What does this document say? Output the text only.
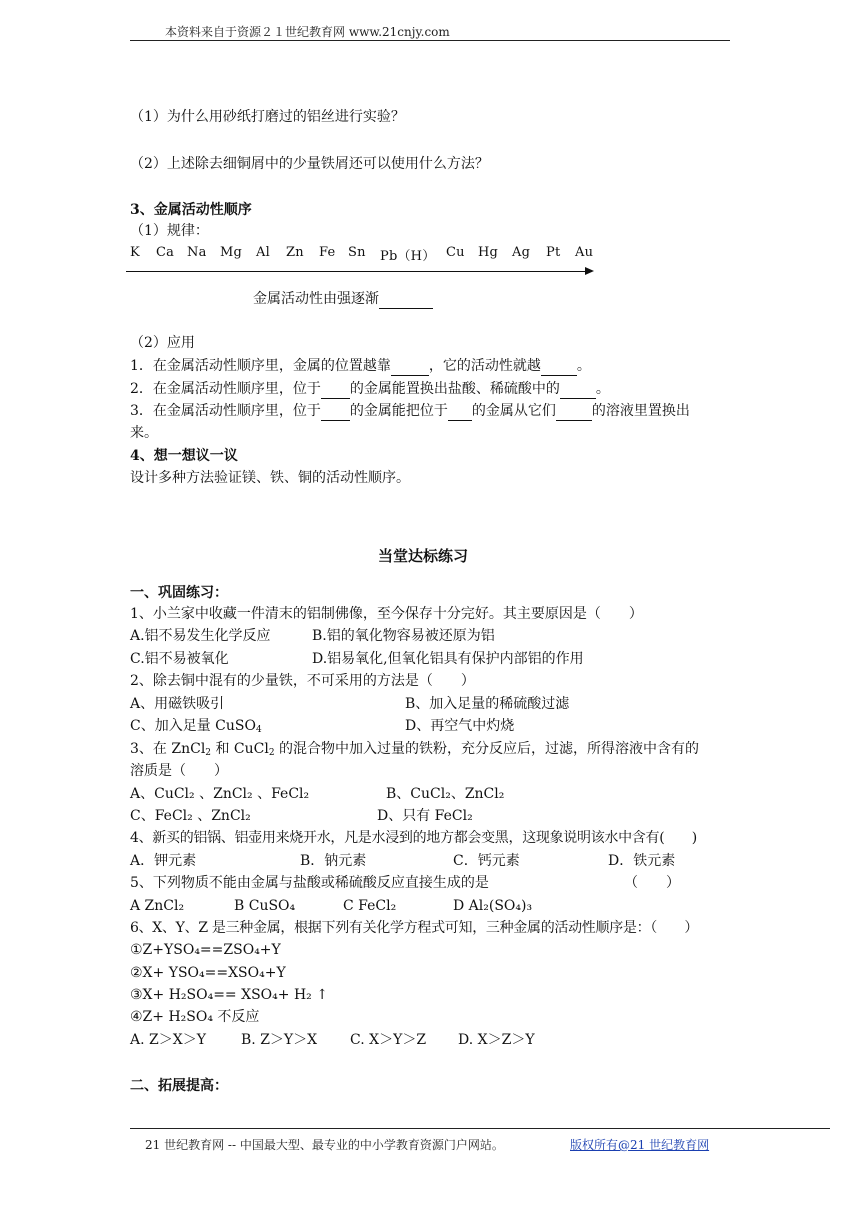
本资料来自于资源２１世纪教育网 www.21cnjy.com
（1）为什么用砂纸打磨过的铝丝进行实验？
（2）上述除去细铜屑中的少量铁屑还可以使用什么方法？
3、金属活动性顺序
（1）规律：
K Ca Na Mg Al Zn Fe Sn Pb（H） Cu Hg Ag Pt Au
金属活动性由强逐渐
（2）应用
1．在金属活动性顺序里，金属的位置越靠	，它的活动性就越	。
2．在金属活动性顺序里，位于 的金属能置换出盐酸、稀硫酸中的	。
3．在金属活动性顺序里，位于 的金属能把位于 的金属从它们	的溶液里置换出
来。
4、想一想议一议
设计多种方法验证镁、铁、铜的活动性顺序。
当堂达标练习
一、巩固练习：
1、小兰家中收藏一件清末的铝制佛像，至今保存十分完好。其主要原因是（　　）
A.铝不易发生化学反应	B.铝的氧化物容易被还原为铝
C.铝不易被氧化	D.铝易氧化,但氧化铝具有保护内部铝的作用
2、除去铜中混有的少量铁，不可采用的方法是（　　）
A、用磁铁吸引	B、加入足量的稀硫酸过滤
C、加入足量 CuSO$_4$	D、再空气中灼烧
3、在 ZnCl$_2$ 和 CuCl$_2$ 的混合物中加入过量的铁粉，充分反应后，过滤，所得溶液中含有的
溶质是（　　）
A、CuCl₂ 、ZnCl₂ 、FeCl₂	B、CuCl₂、ZnCl₂
C、FeCl₂ 、ZnCl₂	D、只有 FeCl₂
4、新买的铝锅、铝壶用来烧开水，凡是水浸到的地方都会变黑，这现象说明该水中含有(　　)
A．钾元素	B．钠元素	C．钙元素	D．铁元素
5、下列物质不能由金属与盐酸或稀硫酸反应直接生成的是	（　　）
A ZnCl₂	B CuSO₄	C FeCl₂	D Al₂(SO₄)₃
6、X、Y、Z 是三种金属，根据下列有关化学方程式可知，三种金属的活动性顺序是：（　　）
①Z+YSO₄==ZSO₄+Y
②X+ YSO₄==XSO₄+Y
③X+ H₂SO₄== XSO₄+ H₂ ↑
④Z+ H₂SO₄ 不反应
A. Z＞X＞Y	B. Z＞Y＞X C. X＞Y＞Z D. X＞Z＞Y
二、拓展提高：
21 世纪教育网 -- 中国最大型、最专业的中小学教育资源门户网站。	版权所有@21 世纪教育网
